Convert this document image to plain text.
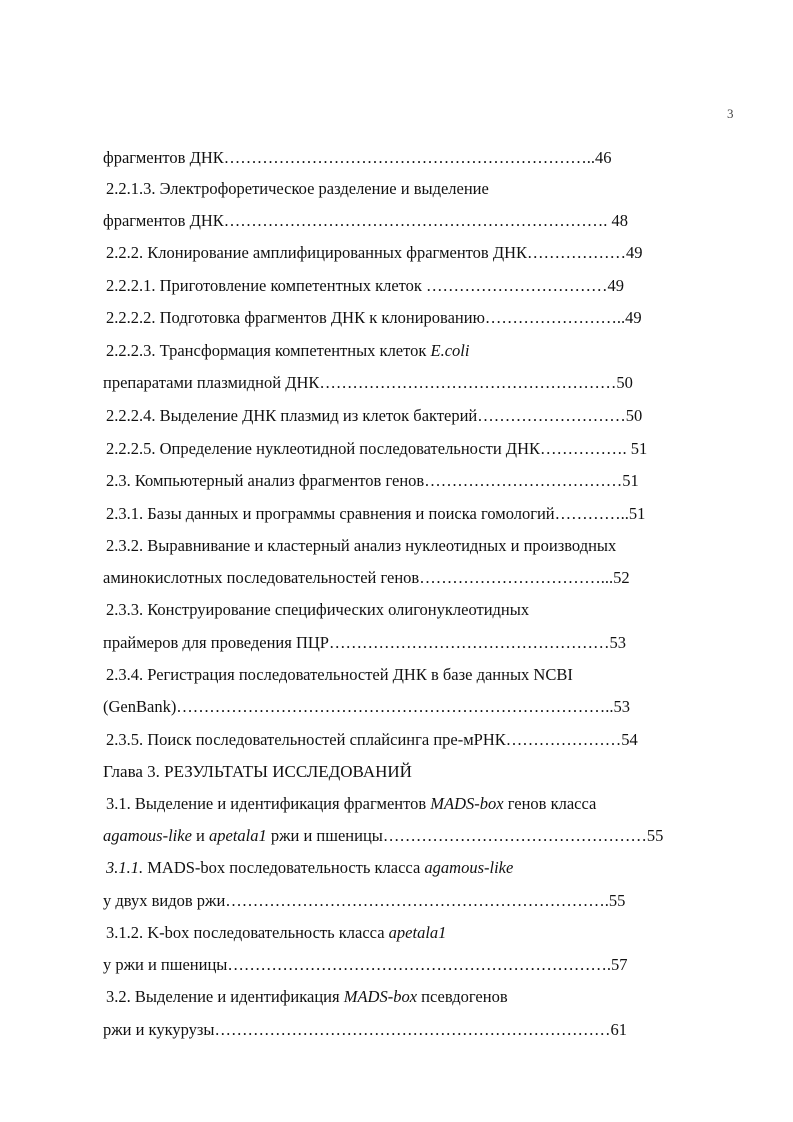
3
фрагментов ДНК…………………………………………………………..46
2.2.1.3. Электрофоретическое разделение и выделение
фрагментов ДНК……………………………………………………………. 48
2.2.2. Клонирование амплифицированных фрагментов ДНК………………49
2.2.2.1. Приготовление компетентных клеток ……………………………49
2.2.2.2. Подготовка фрагментов ДНК к клонированию……………………..49
2.2.2.3. Трансформация компетентных клеток E.coli
препаратами плазмидной ДНК………………………………………………50
2.2.2.4. Выделение ДНК плазмид из клеток бактерий………………………50
2.2.2.5. Определение нуклеотидной последовательности ДНК……………. 51
2.3. Компьютерный анализ фрагментов генов………………………………51
2.3.1. Базы данных и программы сравнения и поиска гомологий…………..51
2.3.2. Выравнивание и кластерный анализ нуклеотидных и производных
аминокислотных последовательностей генов……………………………...52
2.3.3. Конструирование специфических олигонуклеотидных
праймеров для проведения ПЦР……………………………………………53
2.3.4. Регистрация последовательностей ДНК в базе данных NCBI
(GenBank)……………………………………………………………………..53
2.3.5. Поиск последовательностей сплайсинга пре-мРНК…………………54
Глава 3. РЕЗУЛЬТАТЫ ИССЛЕДОВАНИЙ
3.1. Выделение и идентификация фрагментов MADS-box генов класса
agamous-like и apetala1 ржи и пшеницы…………………………………………55
3.1.1. MADS-box последовательность класса agamous-like
у двух видов ржи…………………………………………………………….55
3.1.2. K-box последовательность класса apetala1
у ржи и пшеницы…………………………………………………………….57
3.2. Выделение и идентификация MADS-box псевдогенов
ржи и кукурузы………………………………………………………………61
